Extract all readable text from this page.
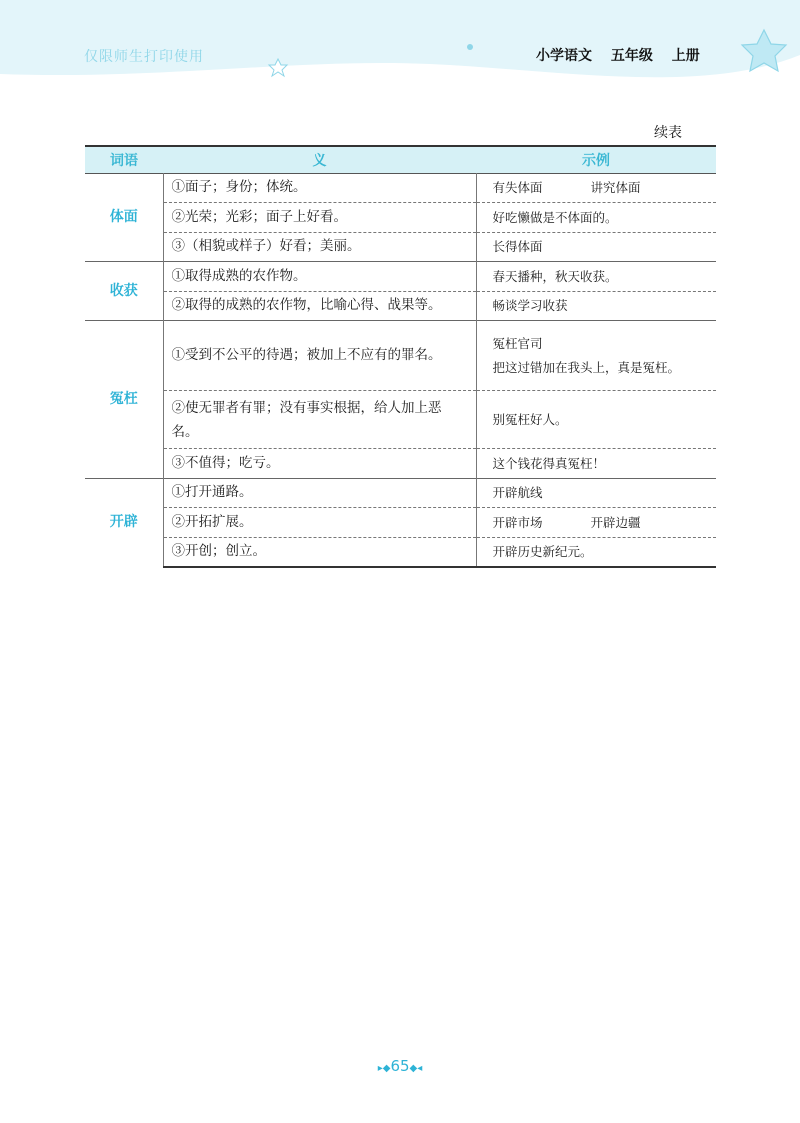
仅限师生打印使用	小学语文 五年级 上册
续表
词语	义	示例
体面	①面子；身份；体统。	有失体面 讲究体面
	②光荣；光彩；面子上好看。	好吃懒做是不体面的。
	③（相貌或样子）好看；美丽。	长得体面
收获	①取得成熟的农作物。	春天播种，秋天收获。
	②取得的成熟的农作物，比喻心得、战果等。	畅谈学习收获
冤枉	①受到不公平的待遇；被加上不应有的罪名。	冤枉官司
把这过错加在我头上，真是冤枉。

	②使无罪者有罪；没有事实根据，给人加上恶名。	别冤枉好人。
	③不值得；吃亏。	这个钱花得真冤枉！
开辟	①打开通路。	开辟航线
	②开拓扩展。	开辟市场 开辟边疆
	③开创；创立。	开辟历史新纪元。
▸◆65◆◂
